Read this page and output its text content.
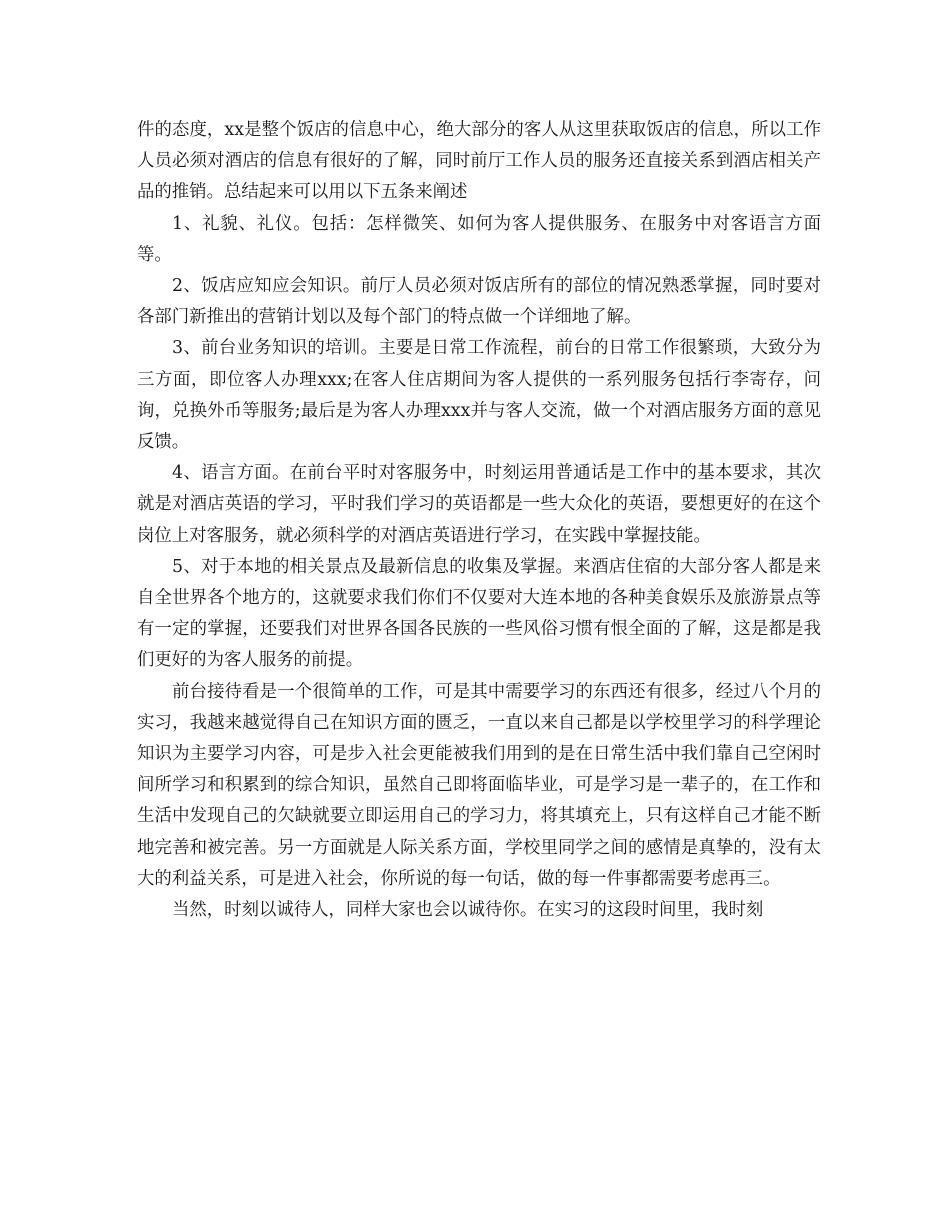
件的态度，xx是整个饭店的信息中心，绝大部分的客人从这里获取饭店的信息，所以工作人员必须对酒店的信息有很好的了解，同时前厅工作人员的服务还直接关系到酒店相关产品的推销。总结起来可以用以下五条来阐述

1、礼貌、礼仪。包括：怎样微笑、如何为客人提供服务、在服务中对客语言方面等。

2、饭店应知应会知识。前厅人员必须对饭店所有的部位的情况熟悉掌握，同时要对各部门新推出的营销计划以及每个部门的特点做一个详细地了解。

3、前台业务知识的培训。主要是日常工作流程，前台的日常工作很繁琐，大致分为三方面，即位客人办理xxx;在客人住店期间为客人提供的一系列服务包括行李寄存，问询，兑换外币等服务;最后是为客人办理xxx并与客人交流，做一个对酒店服务方面的意见反馈。

4、语言方面。在前台平时对客服务中，时刻运用普通话是工作中的基本要求，其次就是对酒店英语的学习，平时我们学习的英语都是一些大众化的英语，要想更好的在这个岗位上对客服务，就必须科学的对酒店英语进行学习，在实践中掌握技能。

5、对于本地的相关景点及最新信息的收集及掌握。来酒店住宿的大部分客人都是来自全世界各个地方的，这就要求我们你们不仅要对大连本地的各种美食娱乐及旅游景点等有一定的掌握，还要我们对世界各国各民族的一些风俗习惯有恨全面的了解，这是都是我们更好的为客人服务的前提。

前台接待看是一个很简单的工作，可是其中需要学习的东西还有很多，经过八个月的实习，我越来越觉得自己在知识方面的匮乏，一直以来自己都是以学校里学习的科学理论知识为主要学习内容，可是步入社会更能被我们用到的是在日常生活中我们靠自己空闲时间所学习和积累到的综合知识，虽然自己即将面临毕业，可是学习是一辈子的，在工作和生活中发现自己的欠缺就要立即运用自己的学习力，将其填充上，只有这样自己才能不断地完善和被完善。另一方面就是人际关系方面，学校里同学之间的感情是真挚的，没有太大的利益关系，可是进入社会，你所说的每一句话，做的每一件事都需要考虑再三。

当然，时刻以诚待人，同样大家也会以诚待你。在实习的这段时间里，我时刻
